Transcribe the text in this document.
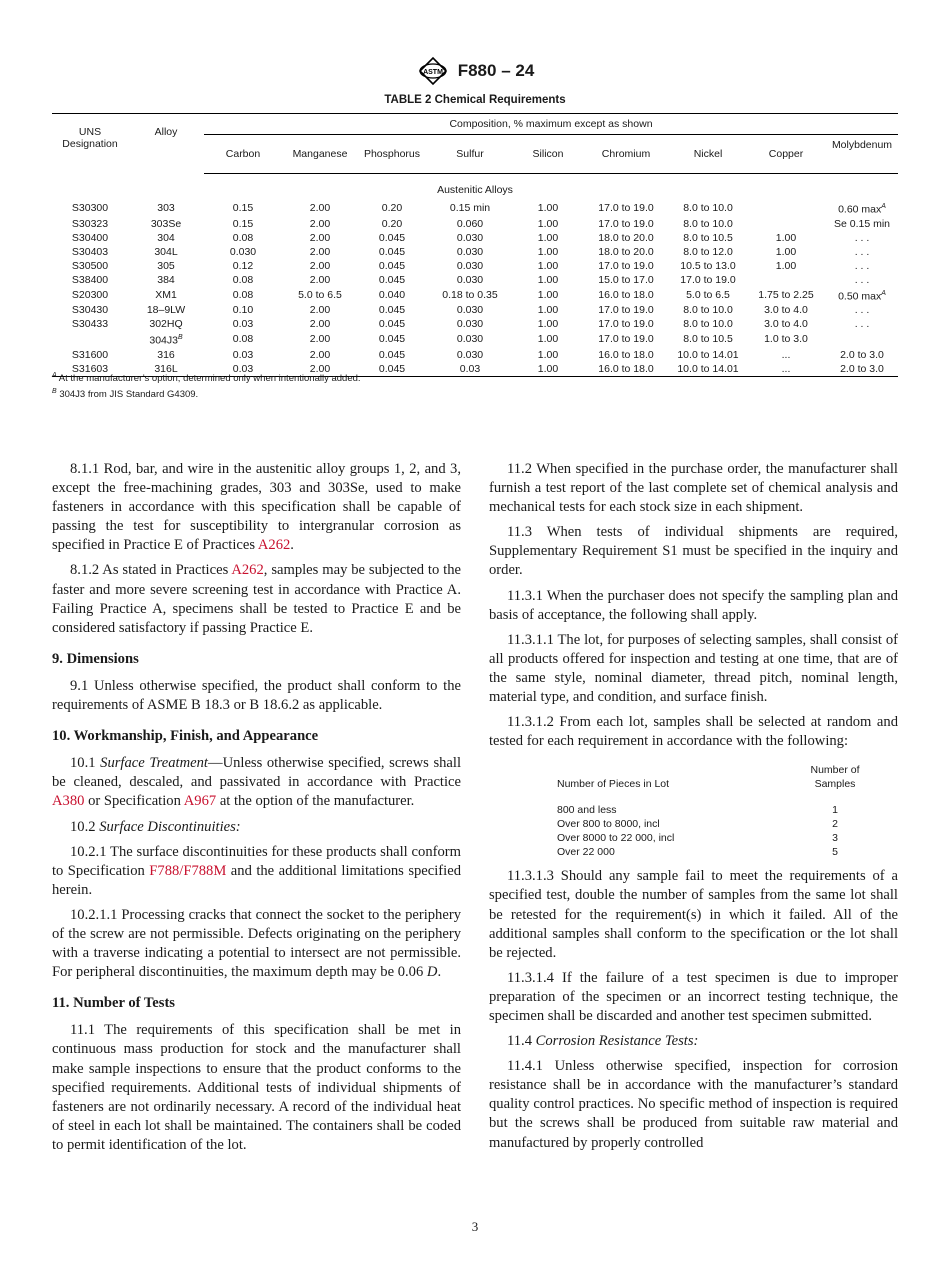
ASTM F880 – 24
TABLE 2 Chemical Requirements
UNS Designation	Alloy	Composition, % maximum except as shown								
		Carbon	Manganese	Phosphorus	Sulfur	Silicon	Chromium	Nickel	Copper	Molybdenum
Austenitic Alloys										
S30300	303	0.15	2.00	0.20	0.15 min	1.00	17.0 to 19.0	8.0 to 10.0		0.60 $\max^A$
S30323	303Se	0.15	2.00	0.20	0.060	1.00	17.0 to 19.0	8.0 to 10.0		Se 0.15 min
S30400	304	0.08	2.00	0.045	0.030	1.00	18.0 to 20.0	8.0 to 10.5	1.00	. . .
S30403	304L	0.030	2.00	0.045	0.030	1.00	18.0 to 20.0	8.0 to 12.0	1.00	. . .
S30500	305	0.12	2.00	0.045	0.030	1.00	17.0 to 19.0	10.5 to 13.0	1.00	. . .
S38400	384	0.08	2.00	0.045	0.030	1.00	15.0 to 17.0	17.0 to 19.0		. . .
S20300	XM1	0.08	5.0 to 6.5	0.040	0.18 to 0.35	1.00	16.0 to 18.0	5.0 to 6.5	1.75 to 2.25	0.50 $\max^A$
S30430	18–9LW	0.10	2.00	0.045	0.030	1.00	17.0 to 19.0	8.0 to 10.0	3.0 to 4.0	. . .
S30433	302HQ	0.03	2.00	0.045	0.030	1.00	17.0 to 19.0	8.0 to 10.0	3.0 to 4.0	. . .
	$304J3^B$	0.08	2.00	0.045	0.030	1.00	17.0 to 19.0	8.0 to 10.5	1.0 to 3.0	
S31600	316	0.03	2.00	0.045	0.030	1.00	16.0 to 18.0	10.0 to 14.01	...	2.0 to 3.0
S31603	316L	0.03	2.00	0.045	0.03	1.00	16.0 to 18.0	10.0 to 14.01	...	2.0 to 3.0
$^A$ At the manufacturer’s option, determined only when intentionally added.
$^B$ 304J3 from JIS Standard G4309.

8.1.1 Rod, bar, and wire in the austenitic alloy groups 1, 2, and 3, except the free-machining grades, 303 and 303Se, used to make fasteners in accordance with this specification shall be capable of passing the test for susceptibility to intergranular corrosion as specified in Practice E of Practices A262.

8.1.2 As stated in Practices A262, samples may be subjected to the faster and more severe screening test in accordance with Practice A. Failing Practice A, specimens shall be tested to Practice E and be considered satisfactory if passing Practice E.

9. Dimensions

9.1 Unless otherwise specified, the product shall conform to the requirements of ASME B 18.3 or B 18.6.2 as applicable.

10. Workmanship, Finish, and Appearance

10.1 Surface Treatment—Unless otherwise specified, screws shall be cleaned, descaled, and passivated in accordance with Practice A380 or Specification A967 at the option of the manufacturer.

10.2 Surface Discontinuities:

10.2.1 The surface discontinuities for these products shall conform to Specification F788/F788M and the additional limitations specified herein.

10.2.1.1 Processing cracks that connect the socket to the periphery of the screw are not permissible. Defects originating on the periphery with a traverse indicating a potential to intersect are not permissible. For peripheral discontinuities, the maximum depth may be 0.06 D.

11. Number of Tests

11.1 The requirements of this specification shall be met in continuous mass production for stock and the manufacturer shall make sample inspections to ensure that the product conforms to the specified requirements. Additional tests of individual shipments of fasteners are not ordinarily necessary. A record of the individual heat of steel in each lot shall be maintained. The containers shall be coded to permit identification of the lot.

11.2 When specified in the purchase order, the manufacturer shall furnish a test report of the last complete set of chemical analysis and mechanical tests for each stock size in each shipment.

11.3 When tests of individual shipments are required, Supplementary Requirement S1 must be specified in the inquiry and order.

11.3.1 When the purchaser does not specify the sampling plan and basis of acceptance, the following shall apply.

11.3.1.1 The lot, for purposes of selecting samples, shall consist of all products offered for inspection and testing at one time, that are of the same style, nominal diameter, thread pitch, nominal length, material type, and condition, and surface finish.

11.3.1.2 From each lot, samples shall be selected at random and tested for each requirement in accordance with the following:

Number of Pieces in Lot
Number of Samples
800 and less	1
Over 800 to 8000, incl	2
Over 8000 to 22 000, incl	3
Over 22 000	5

11.3.1.3 Should any sample fail to meet the requirements of a specified test, double the number of samples from the same lot shall be retested for the requirement(s) in which it failed. All of the additional samples shall conform to the specification or the lot shall be rejected.

11.3.1.4 If the failure of a test specimen is due to improper preparation of the specimen or an incorrect testing technique, the specimen shall be discarded and another test specimen submitted.

11.4 Corrosion Resistance Tests:

11.4.1 Unless otherwise specified, inspection for corrosion resistance shall be in accordance with the manufacturer’s standard quality control practices. No specific method of inspection is required but the screws shall be produced from suitable raw material and manufactured by properly controlled

3
